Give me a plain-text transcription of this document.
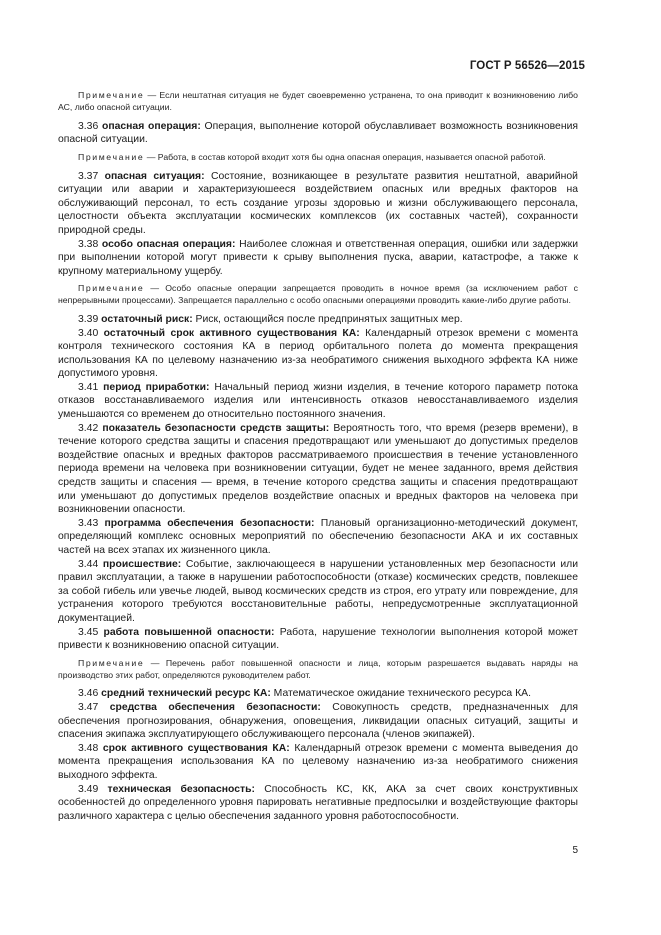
ГОСТ Р 56526—2015

Примечание — Если нештатная ситуация не будет своевременно устранена, то она приводит к возникновению либо АС, либо опасной ситуации.

3.36 опасная операция: Операция, выполнение которой обуславливает возможность возникновения опасной ситуации.

Примечание — Работа, в состав которой входит хотя бы одна опасная операция, называется опасной работой.

3.37 опасная ситуация: Состояние, возникающее в результате развития нештатной, аварийной ситуации или аварии и характеризуюшееся воздействием опасных или вредных факторов на обслуживающий персонал, то есть создание угрозы здоровью и жизни обслуживающего персонала, целостности объекта эксплуатации космических комплексов (их составных частей), сохранности природной среды.

3.38 особо опасная операция: Наиболее сложная и ответственная операция, ошибки или задержки при выполнении которой могут привести к срыву выполнения пуска, аварии, катастрофе, а также к крупному материальному ущербу.

Примечание — Особо опасные операции запрещается проводить в ночное время (за исключением работ с непрерывными процессами). Запрещается параллельно с особо опасными операциями проводить какие-либо другие работы.

3.39 остаточный риск: Риск, остающийся после предпринятых защитных мер.

3.40 остаточный срок активного существования КА: Календарный отрезок времени с момента контроля технического состояния КА в период орбитального полета до момента прекращения использования КА по целевому назначению из-за необратимого снижения выходного эффекта КА ниже допустимого уровня.

3.41 период приработки: Начальный период жизни изделия, в течение которого параметр потока отказов восстанавливаемого изделия или интенсивность отказов невосстанавливаемого изделия уменьшаются со временем до относительно постоянного значения.

3.42 показатель безопасности средств защиты: Вероятность того, что время (резерв времени), в течение которого средства защиты и спасения предотвращают или уменьшают до допустимых пределов воздействие опасных и вредных факторов рассматриваемого происшествия в течение установленного периода времени на человека при возникновении ситуации, будет не менее заданного, время действия средств защиты и спасения — время, в течение которого средства защиты и спасения предотвращают или уменьшают до допустимых пределов воздействие опасных и вредных факторов на человека при возникновении опасности.

3.43 программа обеспечения безопасности: Плановый организационно-методический документ, определяющий комплекс основных мероприятий по обеспечению безопасности АКА и их составных частей на всех этапах их жизненного цикла.

3.44 происшествие: Событие, заключающееся в нарушении установленных мер безопасности или правил эксплуатации, а также в нарушении работоспособности (отказе) космических средств, повлекшее за собой гибель или увечье людей, вывод космических средств из строя, его утрату или повреждение, для устранения которого требуются восстановительные работы, непредусмотренные эксплуатационной документацией.

3.45 работа повышенной опасности: Работа, нарушение технологии выполнения которой может привести к возникновению опасной ситуации.

Примечание — Перечень работ повышенной опасности и лица, которым разрешается выдавать наряды на производство этих работ, определяются руководителем работ.

3.46 средний технический ресурс КА: Математическое ожидание технического ресурса КА.

3.47 средства обеспечения безопасности: Совокупность средств, предназначенных для обеспечения прогнозирования, обнаружения, оповещения, ликвидации опасных ситуаций, защиты и спасения экипажа эксплуатирующего обслуживающего персонала (членов экипажей).

3.48 срок активного существования КА: Календарный отрезок времени с момента выведения до момента прекращения использования КА по целевому назначению из-за необратимого снижения выходного эффекта.

3.49 техническая безопасность: Способность КС, КК, АКА за счет своих конструктивных особенностей до определенного уровня парировать негативные предпосылки и воздействующие факторы различного характера с целью обеспечения заданного уровня работоспособности.

5
